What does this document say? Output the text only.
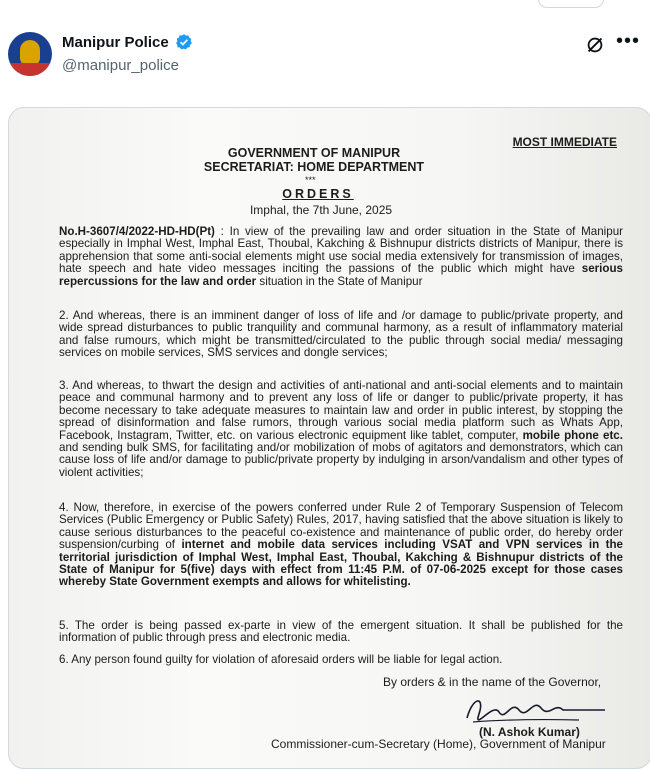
Manipur Police
@manipur_police
•••
MOST IMMEDIATE
GOVERNMENT OF MANIPUR
SECRETARIAT: HOME DEPARTMENT
***
ORDERS
Imphal, the 7th June, 2025
No.H-3607/4/2022-HD-HD(Pt) : In view of the prevailing law and order situation in the State of Manipur especially in Imphal West, Imphal East, Thoubal, Kakching & Bishnupur districts districts of Manipur, there is apprehension that some anti-social elements might use social media extensively for transmission of images, hate speech and hate video messages inciting the passions of the public which might have serious repercussions for the law and order situation in the State of Manipur
2. And whereas, there is an imminent danger of loss of life and /or damage to public/private property, and wide spread disturbances to public tranquility and communal harmony, as a result of inflammatory material and false rumours, which might be transmitted/circulated to the public through social media/ messaging services on mobile services, SMS services and dongle services;
3. And whereas, to thwart the design and activities of anti-national and anti-social elements and to maintain peace and communal harmony and to prevent any loss of life or danger to public/private property, it has become necessary to take adequate measures to maintain law and order in public interest, by stopping the spread of disinformation and false rumors, through various social media platform such as Whats App, Facebook, Instagram, Twitter, etc. on various electronic equipment like tablet, computer, mobile phone etc. and sending bulk SMS, for facilitating and/or mobilization of mobs of agitators and demonstrators, which can cause loss of life and/or damage to public/private property by indulging in arson/vandalism and other types of violent activities;
4. Now, therefore, in exercise of the powers conferred under Rule 2 of Temporary Suspension of Telecom Services (Public Emergency or Public Safety) Rules, 2017, having satisfied that the above situation is likely to cause serious disturbances to the peaceful co-existence and maintenance of public order, do hereby order suspension/curbing of internet and mobile data services including VSAT and VPN services in the territorial jurisdiction of Imphal West, Imphal East, Thoubal, Kakching & Bishnupur districts of the State of Manipur for 5(five) days with effect from 11:45 P.M. of 07-06-2025 except for those cases whereby State Government exempts and allows for whitelisting.
5. The order is being passed ex-parte in view of the emergent situation. It shall be published for the information of public through press and electronic media.
6. Any person found guilty for violation of aforesaid orders will be liable for legal action.
By orders & in the name of the Governor,
(N. Ashok Kumar)
Commissioner-cum-Secretary (Home), Government of Manipur
